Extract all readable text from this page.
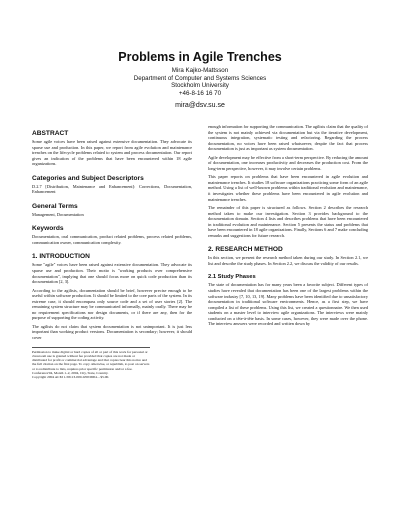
Problems in Agile Trenches
Mira Kajko-Mattsson
Department of Computer and Systems Sciences
Stockholm University
+46-8-16 16 70
mira@dsv.su.se
ABSTRACT

Some agile voices have been raised against extensive documentation. They advocate its sparse use and production. In this paper, we report from agile evolution and maintenance trenches on the lifecycle problems related to system and process documentation. Our report gives an indication of the problems that have been encountered within 18 agile organizations.

Categories and Subject Descriptors

D.2.7 [Distribution, Maintenance and Enhancement]: Corrections, Documentation, Enhancement

General Terms

Management, Documentation

Keywords

Documentation, oral communication, product related problems, process related problems, communication owner, communication complexity.

1. INTRODUCTION

Some "agile" voices have been raised against extensive documentation. They advocate its sparse use and production. Their motto is "working products over comprehensive documentation", implying that one should focus more on quick code production than its documentation [2, 3].

According to the agilists, documentation should be brief, however precise enough to be useful within software production. It should be limited to the core parts of the system. In its extreme case, it should encompass only source code and a set of user stories [2]. The remaining system structure may be communicated informally, mainly orally. There may be no requirement specifications nor design documents, or if there are any, then for the purpose of supporting the coding activity.

The agilists do not claim that system documentation is not unimportant. It is just less important than working product versions. Documentation is secondary; however, it should cover

Permission to make digital or hard copies of all or part of this work for personal or classroom use is granted without fee provided that copies are not made or distributed for profit or commercial advantage and that copies bear this notice and the full citation on the first page. To copy otherwise, or republish, to post on servers or to redistribute to lists, requires prior specific permission and/or a fee.
Conference'04, Month 1–2, 2004, City, State, Country.
Copyright 2004 ACM 1-58113-000-0/00/0004…$5.00.

enough information for supporting the communication. The agilists claim that the quality of the system is not mainly achieved via documentation but via the iterative development, continuous integration, systematic testing and refactoring. Regarding the process documentation, no voices have been raised whatsoever, despite the fact that process documentation is just as important as system documentation.

Agile development may be effective from a short-term perspective. By reducing the amount of documentation, one increases productivity and decreases the production cost. From the long-term perspective, however, it may involve certain problems.

This paper reports on problems that have been encountered in agile evolution and maintenance trenches. It studies 18 software organizations practicing some form of an agile method. Using a list of well-known problems within traditional evolution and maintenance, it investigates whether these problems have been encountered in agile evolution and maintenance trenches.

The remainder of this paper is structured as follows. Section 2 describes the research method taken to make our investigation. Section 3 provides background to the documentation domain. Section 4 lists and describes problems that have been encountered in traditional evolution and maintenance. Section 5 presents the status and problems that have been encountered in 18 agile organizations. Finally, Sections 6 and 7 make concluding remarks and suggestions for future research.

2. RESEARCH METHOD

In this section, we present the research method taken during our study. In Section 2.1, we list and describe the study phases. In Section 2.2, we discuss the validity of our results.

2.1 Study Phases

The state of documentation has for many years been a favorite subject. Different types of studies have revealed that documentation has been one of the largest problems within the software industry [7, 10, 13, 19]. Many problems have been identified due to unsatisfactory documentation in traditional software environments. Hence, as a first step, we have compiled a list of these problems. Using this list, we created a questionnaire. We then used students on a master level to interview agile organizations. The interviews were mainly conducted on a tête-à-tête basis. In some cases, however, they were made over the phone. The interview answers were recorded and written down by
